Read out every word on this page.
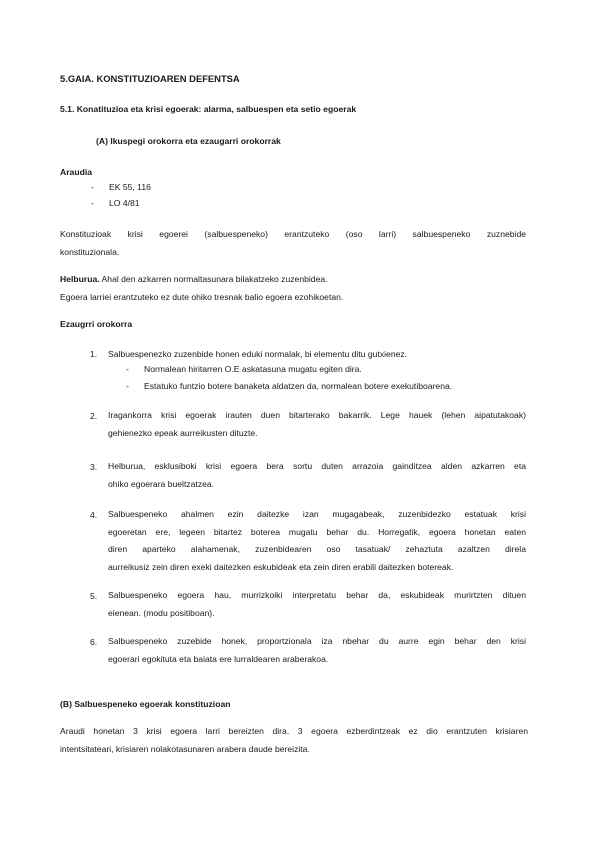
5.GAIA. KONSTITUZIOAREN DEFENTSA
5.1. Konatituzioa eta krisi egoerak: alarma, salbuespen eta setio egoerak
(A) Ikuspegi orokorra eta ezaugarri orokorrak
Araudia
- EK 55, 116
- LO 4/81
Konstituzioak krisi egoerei (salbuespeneko) erantzuteko (oso larri) salbuespeneko zuznebide
konstituzionala.
Helburua. Ahal den azkarren normaltasunara bilakatzeko zuzenbidea.
Egoera larriei erantzuteko ez dute ohiko tresnak balio egoera ezohikoetan.
Ezaugrri orokorra
1. Salbuespenezko zuzenbide honen eduki normalak, bi elementu ditu gutxienez.
- Normalean hiritarren O.E askatasuna mugatu egiten dira.
- Estatuko funtzio botere banaketa aldatzen da, normalean botere exekutiboarena.
2. Iragankorra krisi egoerak irauten duen bitarterako bakarrik. Lege hauek (lehen aipatutakoak)
gehienezko epeak aurreikusten dituzte.
3. Helburua, esklusiboki krisi egoera bera sortu duten arrazoia gainditzea alden azkarren eta
ohiko egoerara bueltzatzea.
4. Salbuespeneko ahalmen ezin daitezke izan mugagabeak, zuzenbidezko estatuak krisi
egoeretan ere, legeen bitartez boterea mugatu behar du. Horregatik, egoera honetan eaten
diren aparteko alahamenak, zuzenbidearen oso tasatuak/ zehaztuta azaltzen direla
aurreikusiz zein diren exeki daitezken eskubideak eta zein diren erabili daitezken botereak.
5. Salbuespeneko egoera hau, murrizkoiki interpretatu behar da, eskubideak murirtzten dituen
eienean. (modu positiboan).
6. Salbuespeneko zuzebide honek, proportzionala iza nbehar du aurre egin behar den krisi
egoerari egokituta eta baiata ere lurraldearen araberakoa.
(B) Salbuespeneko egoerak konstituzioan
Araudi honetan 3 krisi egoera larri bereizten dira. 3 egoera ezberdintzeak ez dio erantzuten krisiaren
intentsitateari, krisiaren nolakotasunaren arabera daude bereizita.
